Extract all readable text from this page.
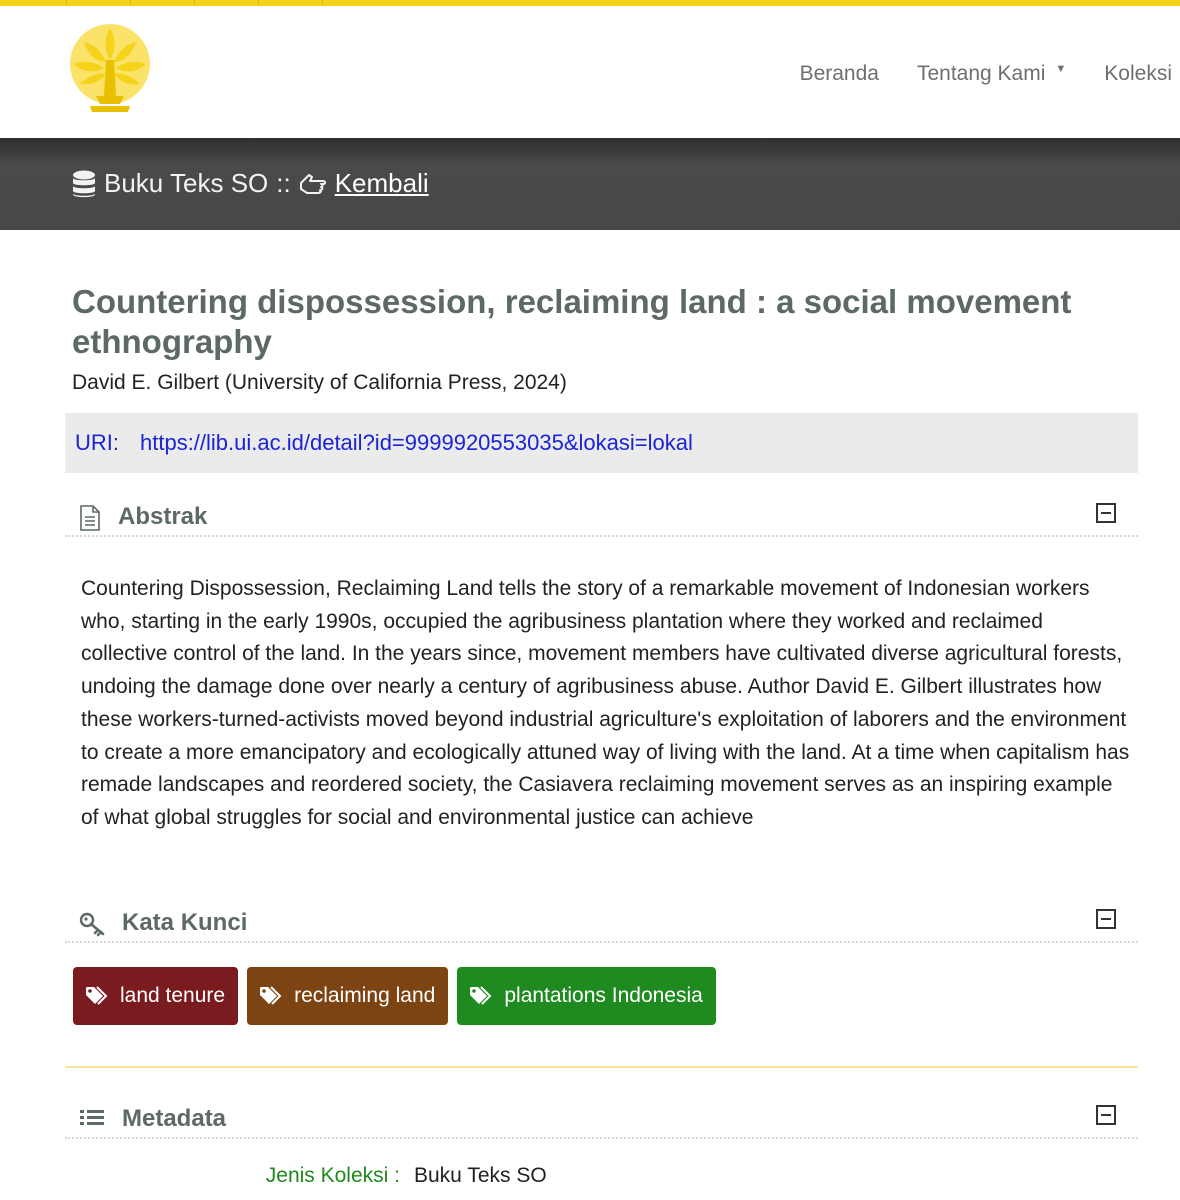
Beranda Tentang Kami ▼ Koleksi
Buku Teks SO :: Kembali
Countering dispossession, reclaiming land : a social movement ethnography
David E. Gilbert (University of California Press, 2024)
URI: https://lib.ui.ac.id/detail?id=9999920553035&lokasi=lokal
Abstrak

Countering Dispossession, Reclaiming Land tells the story of a remarkable movement of Indonesian workers who, starting in the early 1990s, occupied the agribusiness plantation where they worked and reclaimed collective control of the land. In the years since, movement members have cultivated diverse agricultural forests, undoing the damage done over nearly a century of agribusiness abuse. Author David E. Gilbert illustrates how these workers-turned-activists moved beyond industrial agriculture's exploitation of laborers and the environment to create a more emancipatory and ecologically attuned way of living with the land. At a time when capitalism has remade landscapes and reordered society, the Casiavera reclaiming movement serves as an inspiring example of what global struggles for social and environmental justice can achieve

Kata Kunci
land tenure	reclaiming land	plantations Indonesia
Metadata
Jenis Koleksi : Buku Teks SO
